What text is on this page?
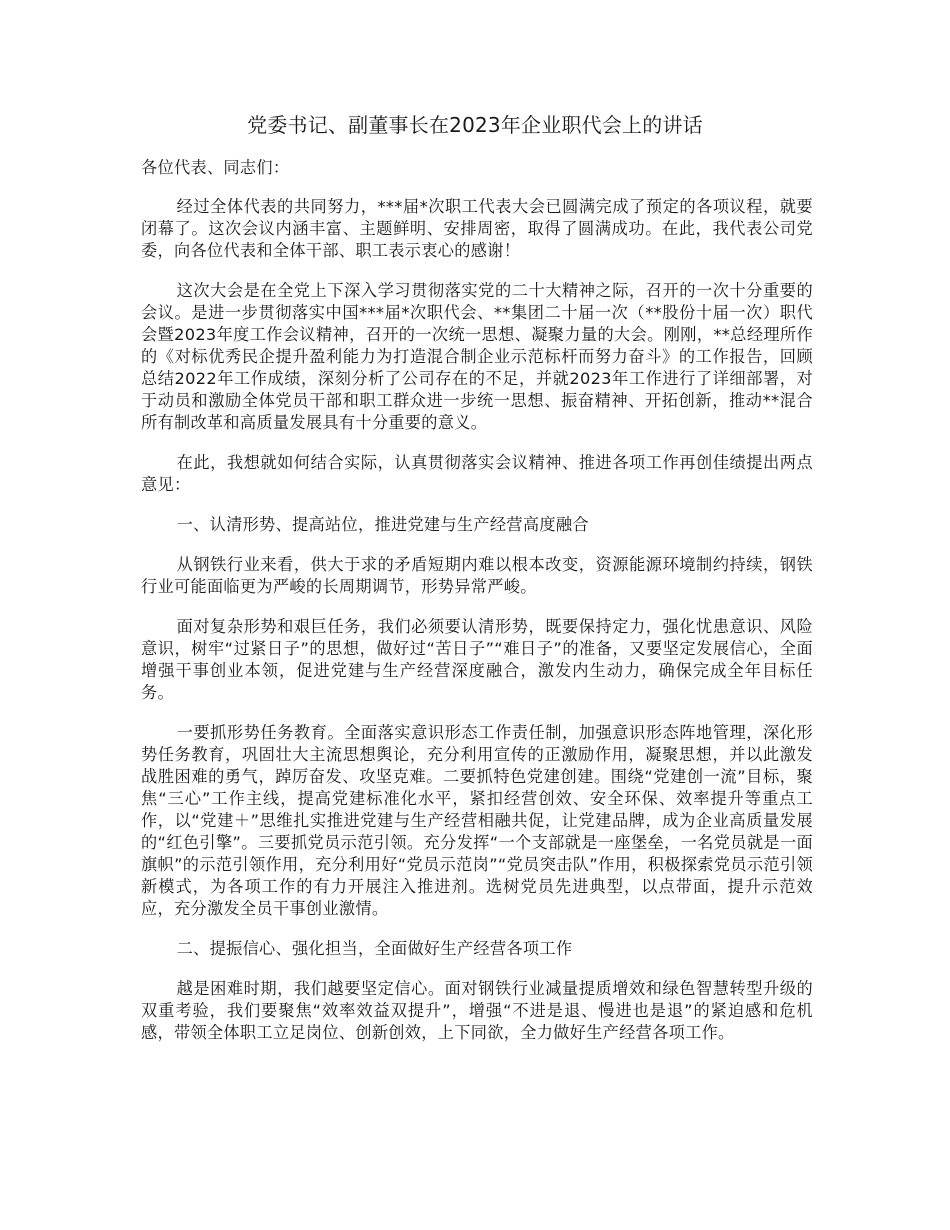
党委书记、副董事长在2023年企业职代会上的讲话

各位代表、同志们：

经过全体代表的共同努力，***届*次职工代表大会已圆满完成了预定的各项议程，就要闭幕了。这次会议内涵丰富、主题鲜明、安排周密，取得了圆满成功。在此，我代表公司党委，向各位代表和全体干部、职工表示衷心的感谢！

这次大会是在全党上下深入学习贯彻落实党的二十大精神之际，召开的一次十分重要的会议。是进一步贯彻落实中国***届*次职代会、**集团二十届一次（**股份十届一次）职代会暨2023年度工作会议精神，召开的一次统一思想、凝聚力量的大会。刚刚，**总经理所作的《对标优秀民企提升盈利能力为打造混合制企业示范标杆而努力奋斗》的工作报告，回顾总结2022年工作成绩，深刻分析了公司存在的不足，并就2023年工作进行了详细部署，对于动员和激励全体党员干部和职工群众进一步统一思想、振奋精神、开拓创新，推动**混合所有制改革和高质量发展具有十分重要的意义。

在此，我想就如何结合实际，认真贯彻落实会议精神、推进各项工作再创佳绩提出两点意见：

一、认清形势、提高站位，推进党建与生产经营高度融合

从钢铁行业来看，供大于求的矛盾短期内难以根本改变，资源能源环境制约持续，钢铁行业可能面临更为严峻的长周期调节，形势异常严峻。

面对复杂形势和艰巨任务，我们必须要认清形势，既要保持定力，强化忧患意识、风险意识，树牢“过紧日子”的思想，做好过“苦日子”“难日子”的准备，又要坚定发展信心，全面增强干事创业本领，促进党建与生产经营深度融合，激发内生动力，确保完成全年目标任务。

一要抓形势任务教育。全面落实意识形态工作责任制，加强意识形态阵地管理，深化形势任务教育，巩固壮大主流思想舆论，充分利用宣传的正激励作用，凝聚思想，并以此激发战胜困难的勇气，踔厉奋发、攻坚克难。二要抓特色党建创建。围绕“党建创一流”目标，聚焦“三心”工作主线，提高党建标准化水平，紧扣经营创效、安全环保、效率提升等重点工作，以“党建＋”思维扎实推进党建与生产经营相融共促，让党建品牌，成为企业高质量发展的“红色引擎”。三要抓党员示范引领。充分发挥“一个支部就是一座堡垒，一名党员就是一面旗帜”的示范引领作用，充分利用好“党员示范岗”“党员突击队”作用，积极探索党员示范引领新模式，为各项工作的有力开展注入推进剂。选树党员先进典型，以点带面，提升示范效应，充分激发全员干事创业激情。

二、提振信心、强化担当，全面做好生产经营各项工作

越是困难时期，我们越要坚定信心。面对钢铁行业减量提质增效和绿色智慧转型升级的双重考验，我们要聚焦“效率效益双提升”，增强“不进是退、慢进也是退”的紧迫感和危机感，带领全体职工立足岗位、创新创效，上下同欲，全力做好生产经营各项工作。
